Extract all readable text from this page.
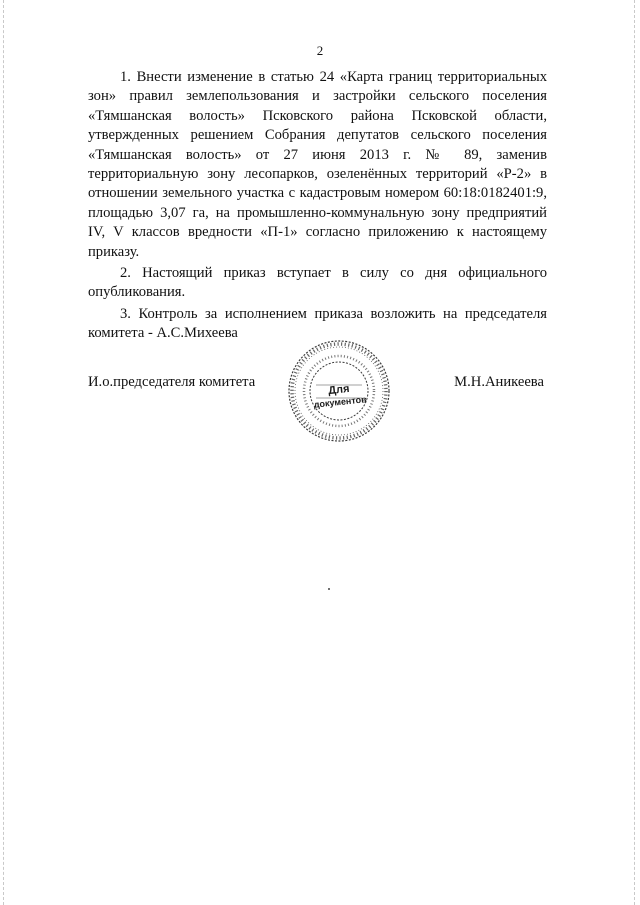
2

1. Внести изменение в статью 24 «Карта границ территориальных зон» правил землепользования и застройки сельского поселения «Тямшанская волость» Псковского района Псковской области, утвержденных решением Собрания депутатов сельского поселения «Тямшанская волость» от 27 июня 2013 г. № 89, заменив территориальную зону лесопарков, озеленённых территорий «Р-2» в отношении земельного участка с кадастровым номером 60:18:0182401:9, площадью 3,07 га, на промышленно-коммунальную зону предприятий IV, V классов вредности «П-1» согласно приложению к настоящему приказу.

2. Настоящий приказ вступает в силу со дня официального опубликования.

3. Контроль за исполнением приказа возложить на председателя комитета - А.С.Михеева

И.о.председателя комитета	М.Н.Аникеева
Для
документов
